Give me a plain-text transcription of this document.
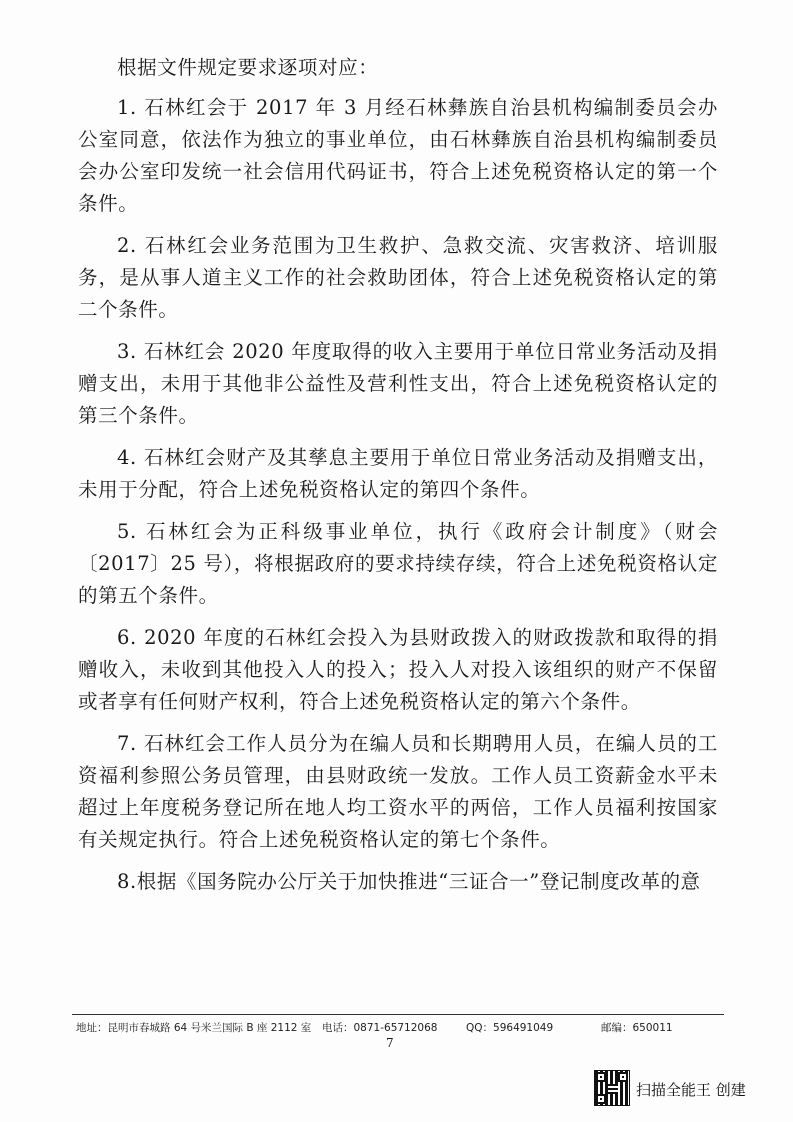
根据文件规定要求逐项对应：

1. 石林红会于 2017 年 3 月经石林彝族自治县机构编制委员会办公室同意，依法作为独立的事业单位，由石林彝族自治县机构编制委员会办公室印发统一社会信用代码证书，符合上述免税资格认定的第一个条件。

2. 石林红会业务范围为卫生救护、急救交流、灾害救济、培训服务，是从事人道主义工作的社会救助团体，符合上述免税资格认定的第二个条件。

3. 石林红会 2020 年度取得的收入主要用于单位日常业务活动及捐赠支出，未用于其他非公益性及营利性支出，符合上述免税资格认定的第三个条件。

4. 石林红会财产及其孳息主要用于单位日常业务活动及捐赠支出，未用于分配，符合上述免税资格认定的第四个条件。

5. 石林红会为正科级事业单位，执行《政府会计制度》（财会〔2017〕25 号），将根据政府的要求持续存续，符合上述免税资格认定的第五个条件。

6. 2020 年度的石林红会投入为县财政拨入的财政拨款和取得的捐赠收入，未收到其他投入人的投入；投入人对投入该组织的财产不保留或者享有任何财产权利，符合上述免税资格认定的第六个条件。

7. 石林红会工作人员分为在编人员和长期聘用人员，在编人员的工资福利参照公务员管理，由县财政统一发放。工作人员工资薪金水平未超过上年度税务登记所在地人均工资水平的两倍，工作人员福利按国家有关规定执行。符合上述免税资格认定的第七个条件。

8.根据《国务院办公厅关于加快推进“三证合一”登记制度改革的意

地址：昆明市春城路 64 号米兰国际 B 座 2112 室 电话：0871-65712068	QQ：596491049	邮编：650011
7
扫描全能王 创建
